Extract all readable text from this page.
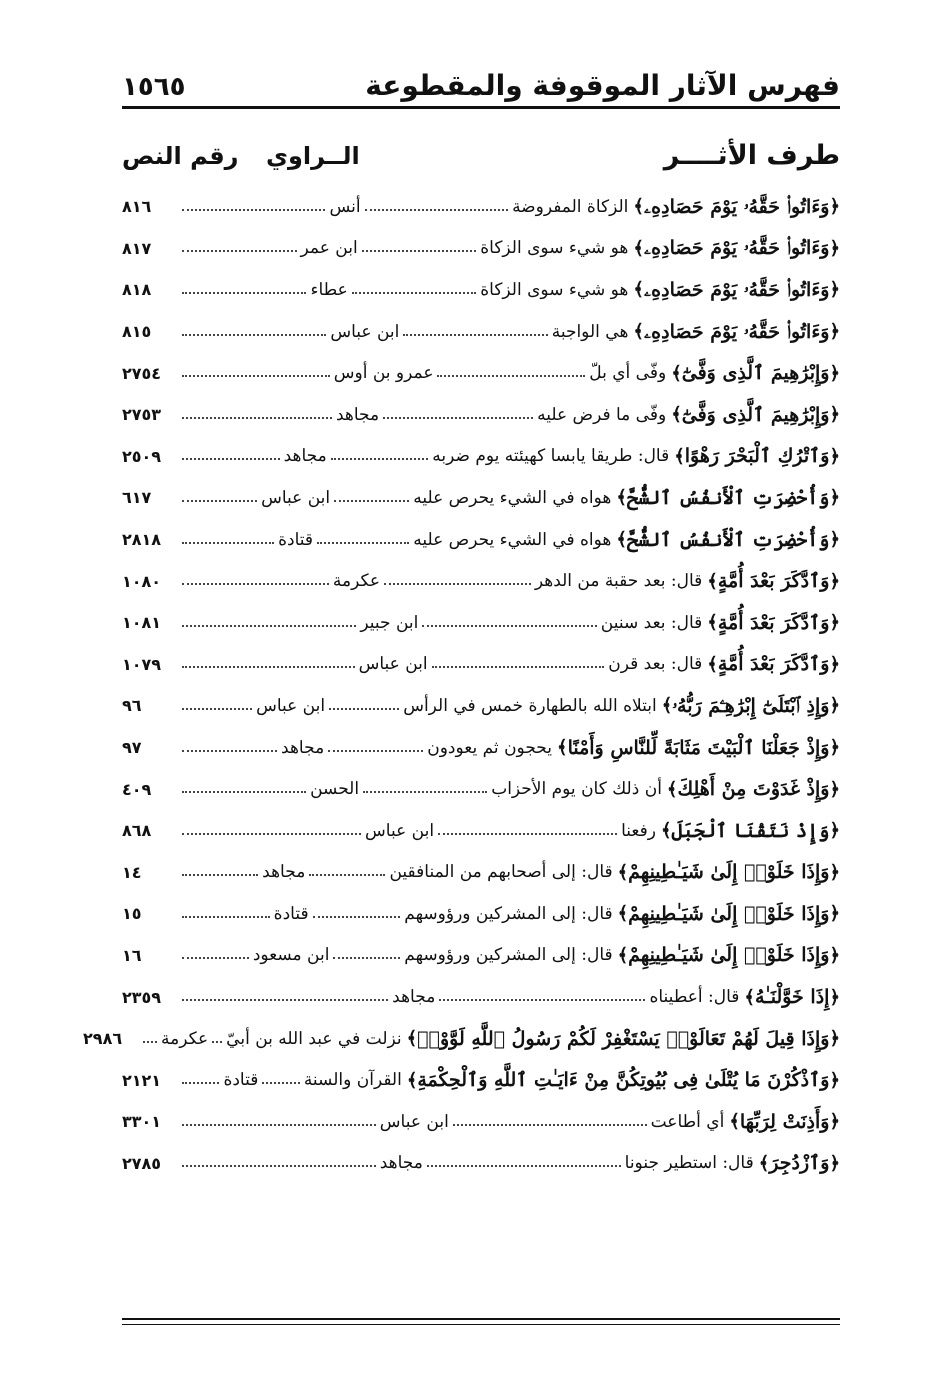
فهرس الآثار الموقوفة والمقطوعة
١٥٦٥
طرف الأثــــر
الــراوي
رقم النص
﴿
وَءَاتُوا۟ حَقَّهُۥ يَوْمَ حَصَادِهِۦ
﴾
الزكاة المفروضة
أنس
٨١٦
﴿
وَءَاتُوا۟ حَقَّهُۥ يَوْمَ حَصَادِهِۦ
﴾
هو شيء سوى الزكاة
ابن عمر
٨١٧
﴿
وَءَاتُوا۟ حَقَّهُۥ يَوْمَ حَصَادِهِۦ
﴾
هو شيء سوى الزكاة
عطاء
٨١٨
﴿
وَءَاتُوا۟ حَقَّهُۥ يَوْمَ حَصَادِهِۦ
﴾
هي الواجبة
ابن عباس
٨١٥
﴿
وَإِبْرَٰهِيمَ ٱلَّذِى وَفَّىٰٓ
﴾
وفّى أي بلّ
عمرو بن أوس
٢٧٥٤
﴿
وَإِبْرَٰهِيمَ ٱلَّذِى وَفَّىٰٓ
﴾
وفّى ما فرض عليه
مجاهد
٢٧٥٣
﴿
وَٱتْرُكِ ٱلْبَحْرَ رَهْوًا
﴾
قال: طريقا يابسا كهيئته يوم ضربه
مجاهد
٢٥٠٩
﴿
وَأُحْضِرَتِ ٱلْأَنفُسُ ٱلشُّحَّ
﴾
هواه في الشيء يحرص عليه
ابن عباس
٦١٧
﴿
وَأُحْضِرَتِ ٱلْأَنفُسُ ٱلشُّحَّ
﴾
هواه في الشيء يحرص عليه
قتادة
٢٨١٨
﴿
وَٱدَّكَرَ بَعْدَ أُمَّةٍ
﴾
قال: بعد حقبة من الدهر
عكرمة
١٠٨٠
﴿
وَٱدَّكَرَ بَعْدَ أُمَّةٍ
﴾
قال: بعد سنين
ابن جبير
١٠٨١
﴿
وَٱدَّكَرَ بَعْدَ أُمَّةٍ
﴾
قال: بعد قرن
ابن عباس
١٠٧٩
﴿
وَإِذِ ٱبْتَلَىٰٓ إِبْرَٰهِـۧمَ رَبُّهُۥ
﴾
ابتلاه الله بالطهارة خمس في الرأس
ابن عباس
٩٦
﴿
وَإِذْ جَعَلْنَا ٱلْبَيْتَ مَثَابَةً لِّلنَّاسِ وَأَمْنًا
﴾
يحجون ثم يعودون
مجاهد
٩٧
﴿
وَإِذْ غَدَوْتَ مِنْ أَهْلِكَ
﴾
أن ذلك كان يوم الأحزاب
الحسن
٤٠٩
﴿
وَإِذْ نَتَقْنَا ٱلْجَبَلَ
﴾
رفعنا
ابن عباس
٨٦٨
﴿
وَإِذَا خَلَوْا۟ إِلَىٰ شَيَـٰطِينِهِمْ
﴾
قال: إلى أصحابهم من المنافقين
مجاهد
١٤
﴿
وَإِذَا خَلَوْا۟ إِلَىٰ شَيَـٰطِينِهِمْ
﴾
قال: إلى المشركين ورؤوسهم
قتادة
١٥
﴿
وَإِذَا خَلَوْا۟ إِلَىٰ شَيَـٰطِينِهِمْ
﴾
قال: إلى المشركين ورؤوسهم
ابن مسعود
١٦
﴿
إِذَا خَوَّلْنَـٰهُ
﴾
قال: أعطيناه
مجاهد
٢٣٥٩
﴿
وَإِذَا قِيلَ لَهُمْ تَعَالَوْا۟ يَسْتَغْفِرْ لَكُمْ رَسُولُ ٱللَّهِ لَوَّوْا۟
﴾
نزلت في عبد الله بن أبيّ
عكرمة
٢٩٨٦
﴿
وَٱذْكُرْنَ مَا يُتْلَىٰ فِى بُيُوتِكُنَّ مِنْ ءَايَـٰتِ ٱللَّهِ وَٱلْحِكْمَةِ
﴾
القرآن والسنة
قتادة
٢١٢١
﴿
وَأَذِنَتْ لِرَبِّهَا
﴾
أي أطاعت
ابن عباس
٣٣٠١
﴿
وَٱزْدُجِرَ
﴾
قال: استطير جنونا
مجاهد
٢٧٨٥
